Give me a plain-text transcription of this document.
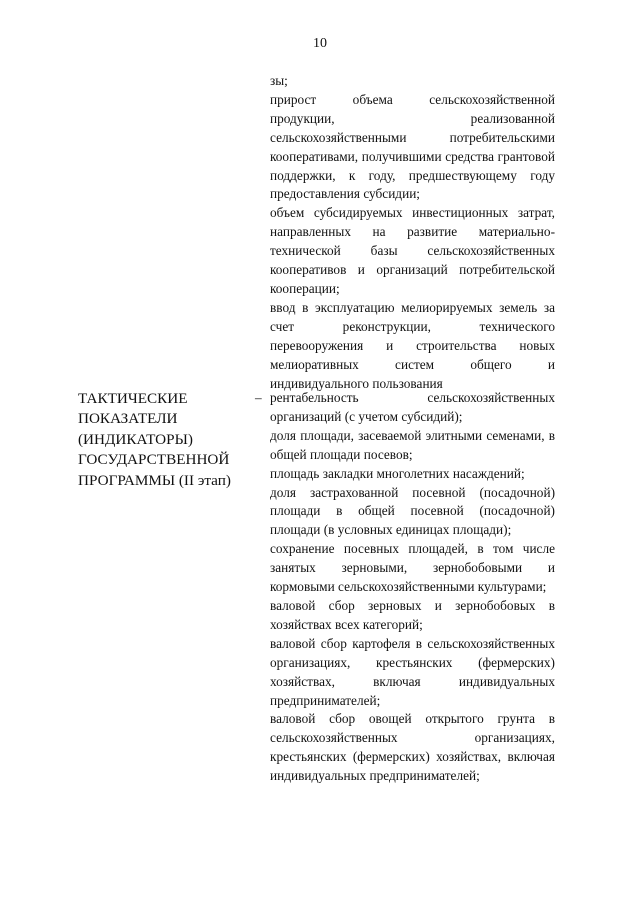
10
зы;
прирост объема сельскохозяйственной продукции, реализованной сельскохозяйственными потребительскими кооперативами, получившими средства грантовой поддержки, к году, предшествующему году предоставления субсидии;
объем субсидируемых инвестиционных затрат, направленных на развитие материально-технической базы сельскохозяйственных кооперативов и организаций потребительской кооперации;
ввод в эксплуатацию мелиорируемых земель за счет реконструкции, технического перевооружения и строительства новых мелиоративных систем общего и индивидуального пользования
ТАКТИЧЕСКИЕ
ПОКАЗАТЕЛИ
(ИНДИКАТОРЫ)
ГОСУДАРСТВЕННОЙ
ПРОГРАММЫ (II этап)
– рентабельность сельскохозяйственных организаций (с учетом субсидий);
доля площади, засеваемой элитными семенами, в общей площади посевов;
площадь закладки многолетних насаждений;
доля застрахованной посевной (посадочной) площади в общей посевной (посадочной) площади (в условных единицах площади);
сохранение посевных площадей, в том числе занятых зерновыми, зернобобовыми и кормовыми сельскохозяйственными культурами;
валовой сбор зерновых и зернобобовых в хозяйствах всех категорий;
валовой сбор картофеля в сельскохозяйственных организациях, крестьянских (фермерских) хозяйствах, включая индивидуальных предпринимателей;
валовой сбор овощей открытого грунта в сельскохозяйственных организациях, крестьянских (фермерских) хозяйствах, включая индивидуальных предпринимателей;
